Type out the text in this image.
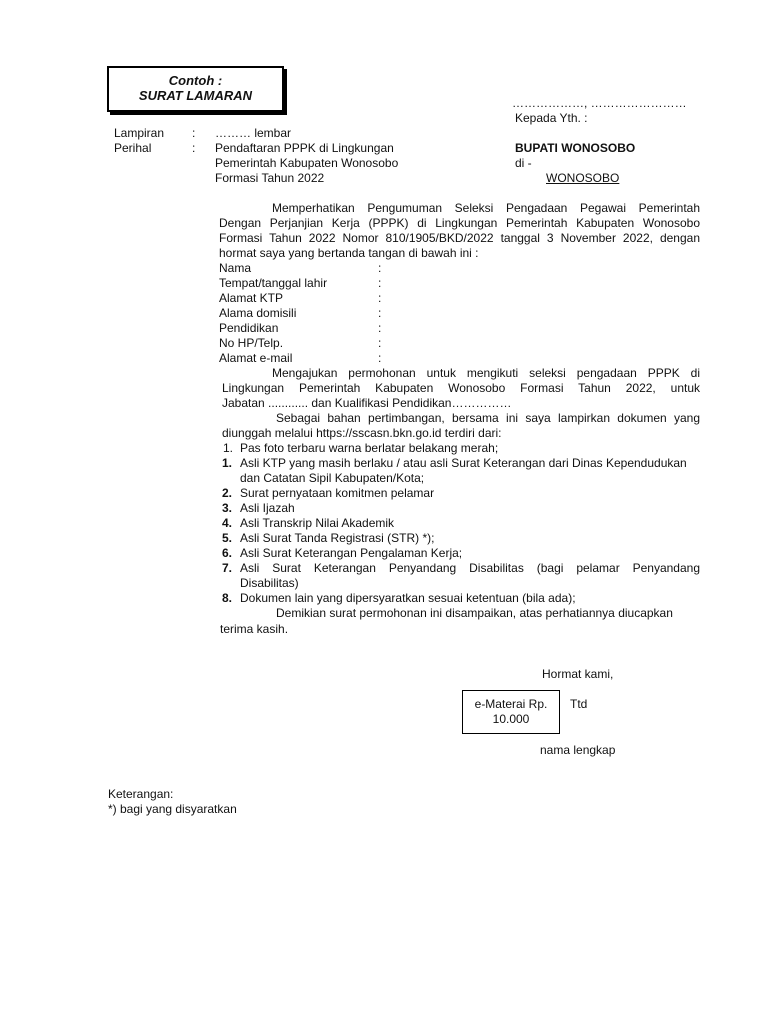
Contoh :
SURAT LAMARAN	………………, ……………………
Kepada Yth. :
BUPATI WONOSOBO
di -
WONOSOBO
Lampiran : ……… lembar
Perihal	: Pendaftaran PPPK di Lingkungan
Pemerintah Kabupaten Wonosobo
Formasi Tahun 2022
Memperhatikan Pengumuman Seleksi Pengadaan Pegawai Pemerintah
Dengan Perjanjian Kerja (PPPK) di Lingkungan Pemerintah Kabupaten Wonosobo
Formasi Tahun 2022 Nomor 810/1905/BKD/2022 tanggal 3 November 2022, dengan
hormat saya yang bertanda tangan di bawah ini :
Nama	:
Tempat/tanggal lahir	:
Alamat KTP	:
Alama domisili	:
Pendidikan	:
No HP/Telp.	:
Alamat e-mail	:
Mengajukan permohonan untuk mengikuti seleksi pengadaan PPPK di
Lingkungan Pemerintah Kabupaten Wonosobo Formasi Tahun 2022, untuk
Jabatan ............ dan Kualifikasi Pendidikan……………
Sebagai bahan pertimbangan, bersama ini saya lampirkan dokumen yang
diunggah melalui https://sscasn.bkn.go.id terdiri dari:
1. Pas foto terbaru warna berlatar belakang merah;
1. Asli KTP yang masih berlaku / atau asli Surat Keterangan dari Dinas Kependudukan
dan Catatan Sipil Kabupaten/Kota;
2. Surat pernyataan komitmen pelamar
3. Asli Ijazah
4. Asli Transkrip Nilai Akademik
5. Asli Surat Tanda Registrasi (STR) *);
6. Asli Surat Keterangan Pengalaman Kerja;
7. Asli Surat Keterangan Penyandang Disabilitas (bagi pelamar Penyandang
Disabilitas)
8. Dokumen lain yang dipersyaratkan sesuai ketentuan (bila ada);
Demikian surat permohonan ini disampaikan, atas perhatiannya diucapkan
terima kasih.
Hormat kami,
e-Materai Rp.
10.000
Ttd
nama lengkap
Keterangan:
*) bagi yang disyaratkan
